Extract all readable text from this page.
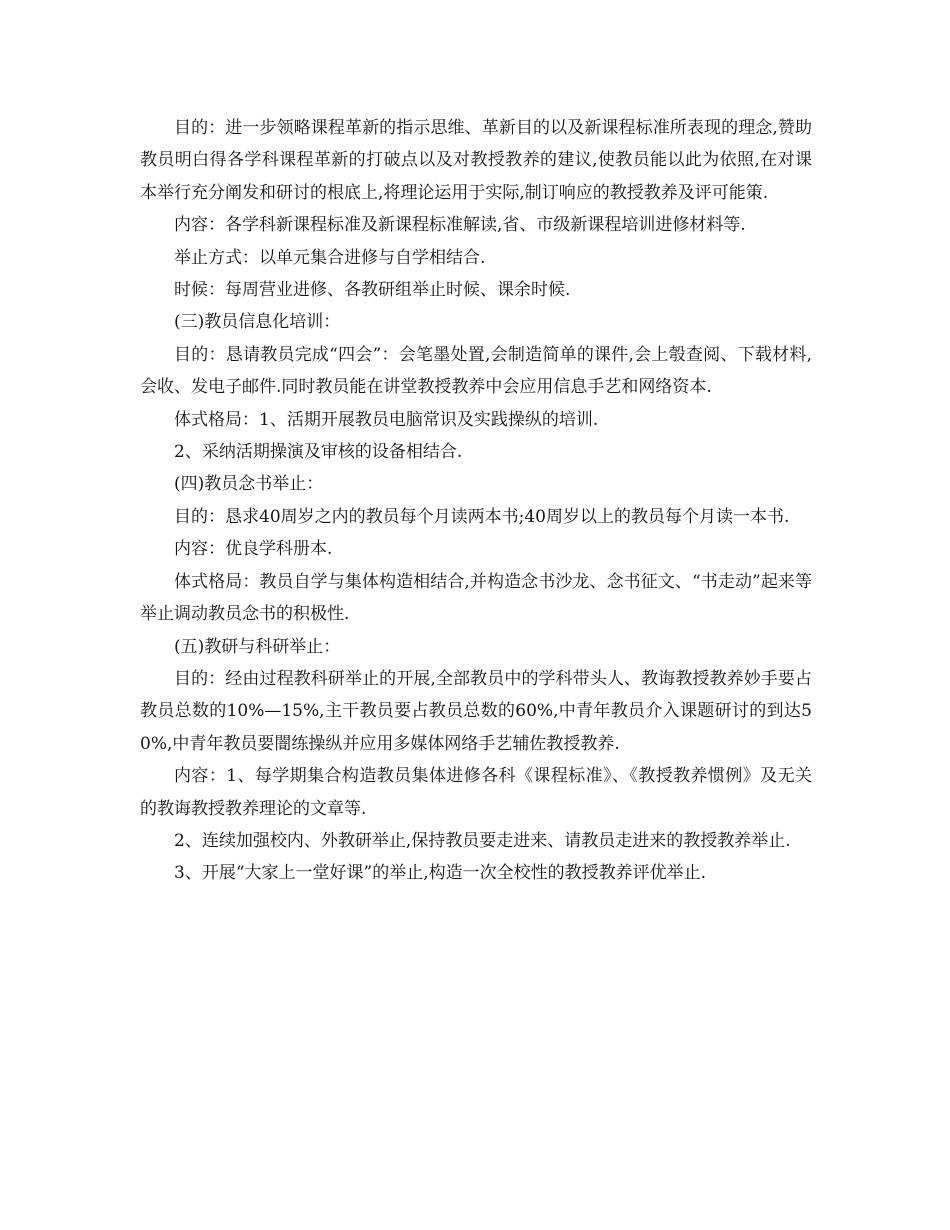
目的：进一步领略课程革新的指示思维、革新目的以及新课程标准所表现的理念,赞助教员明白得各学科课程革新的打破点以及对教授教养的建议,使教员能以此为依照,在对课本举行充分阐发和研讨的根底上,将理论运用于实际,制订响应的教授教养及评可能策.

内容：各学科新课程标准及新课程标准解读,省、市级新课程培训进修材料等.

举止方式：以单元集合进修与自学相结合.

时候：每周营业进修、各教研组举止时候、课余时候.

(三)教员信息化培训：

目的：恳请教员完成“四会”：会笔墨处置,会制造简单的课件,会上彀查阅、下载材料,会收、发电子邮件.同时教员能在讲堂教授教养中会应用信息手艺和网络资本.

体式格局：1、活期开展教员电脑常识及实践操纵的培训.

2、采纳活期操演及审核的设备相结合.

(四)教员念书举止：

目的：恳求40周岁之内的教员每个月读两本书;40周岁以上的教员每个月读一本书.

内容：优良学科册本.

体式格局：教员自学与集体构造相结合,并构造念书沙龙、念书征文、“书走动”起来等举止调动教员念书的积极性.

(五)教研与科研举止：

目的：经由过程教科研举止的开展,全部教员中的学科带头人、教诲教授教养妙手要占教员总数的10%—15%,主干教员要占教员总数的60%,中青年教员介入课题研讨的到达50%,中青年教员要闇练操纵并应用多媒体网络手艺辅佐教授教养.

内容：1、每学期集合构造教员集体进修各科《课程标准》、《教授教养惯例》及无关的教诲教授教养理论的文章等.

2、连续加强校内、外教研举止,保持教员要走进来、请教员走进来的教授教养举止.

3、开展“大家上一堂好课”的举止,构造一次全校性的教授教养评优举止.
